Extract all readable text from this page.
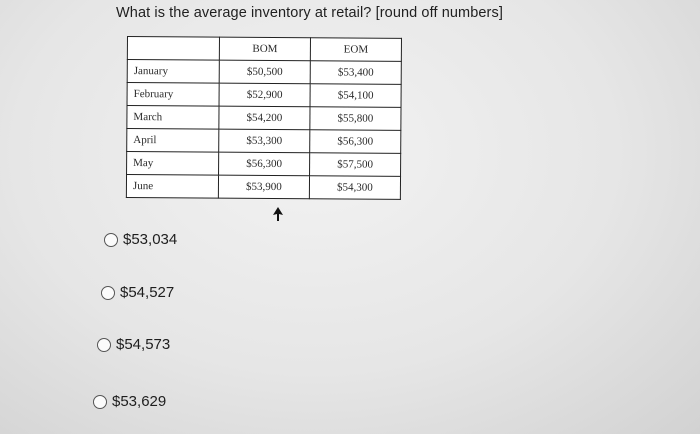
What is the average inventory at retail? [round off numbers]
	BOM	EOM
January	$50,500	$53,400
February	$52,900	$54,100
March	$54,200	$55,800
April	$53,300	$56,300
May	$56,300	$57,500
June	$53,900	$54,300
$53,034
$54,527
$54,573
$53,629
